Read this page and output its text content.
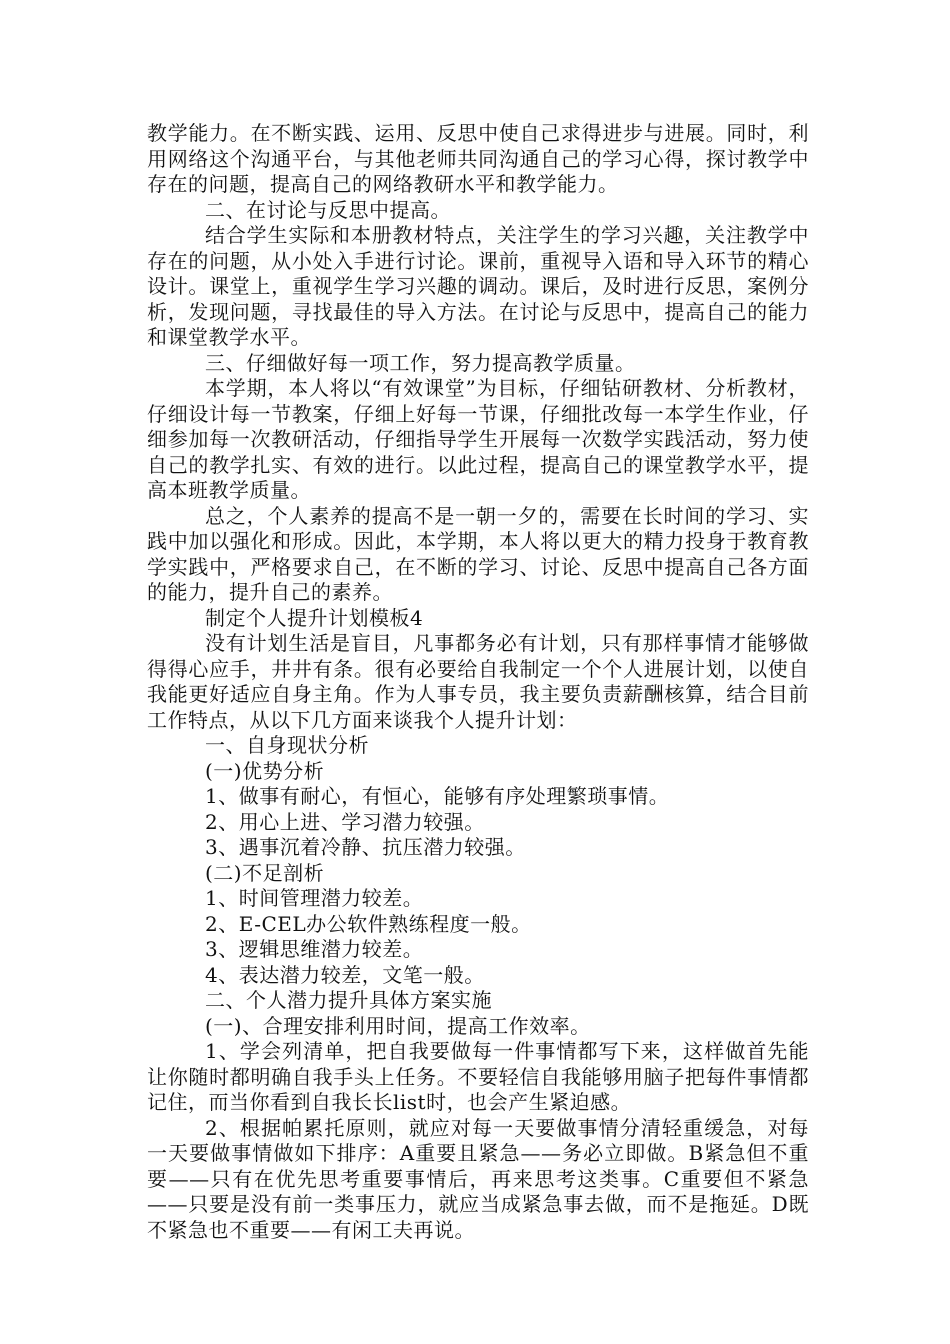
教学能力。在不断实践、运用、反思中使自己求得进步与进展。同时，利用网络这个沟通平台，与其他老师共同沟通自己的学习心得，探讨教学中存在的问题，提高自己的网络教研水平和教学能力。

二、在讨论与反思中提高。

结合学生实际和本册教材特点，关注学生的学习兴趣，关注教学中存在的问题，从小处入手进行讨论。课前，重视导入语和导入环节的精心设计。课堂上，重视学生学习兴趣的调动。课后，及时进行反思，案例分析，发现问题，寻找最佳的导入方法。在讨论与反思中，提高自己的能力和课堂教学水平。

三、仔细做好每一项工作，努力提高教学质量。

本学期，本人将以“有效课堂”为目标，仔细钻研教材、分析教材，仔细设计每一节教案，仔细上好每一节课，仔细批改每一本学生作业，仔细参加每一次教研活动，仔细指导学生开展每一次数学实践活动，努力使自己的教学扎实、有效的进行。以此过程，提高自己的课堂教学水平，提高本班教学质量。

总之，个人素养的提高不是一朝一夕的，需要在长时间的学习、实践中加以强化和形成。因此，本学期，本人将以更大的精力投身于教育教学实践中，严格要求自己，在不断的学习、讨论、反思中提高自己各方面的能力，提升自己的素养。

制定个人提升计划模板4

没有计划生活是盲目，凡事都务必有计划，只有那样事情才能够做得得心应手，井井有条。很有必要给自我制定一个个人进展计划，以使自我能更好适应自身主角。作为人事专员，我主要负责薪酬核算，结合目前工作特点，从以下几方面来谈我个人提升计划：

一、自身现状分析

(一)优势分析

1、做事有耐心，有恒心，能够有序处理繁琐事情。

2、用心上进、学习潜力较强。

3、遇事沉着冷静、抗压潜力较强。

(二)不足剖析

1、时间管理潜力较差。

2、E-CEL办公软件熟练程度一般。

3、逻辑思维潜力较差。

4、表达潜力较差，文笔一般。

二、个人潜力提升具体方案实施

(一)、合理安排利用时间，提高工作效率。

1、学会列清单，把自我要做每一件事情都写下来，这样做首先能让你随时都明确自我手头上任务。不要轻信自我能够用脑子把每件事情都记住，而当你看到自我长长list时，也会产生紧迫感。

2、根据帕累托原则，就应对每一天要做事情分清轻重缓急，对每一天要做事情做如下排序：A重要且紧急——务必立即做。B紧急但不重要——只有在优先思考重要事情后，再来思考这类事。C重要但不紧急——只要是没有前一类事压力，就应当成紧急事去做，而不是拖延。D既不紧急也不重要——有闲工夫再说。
